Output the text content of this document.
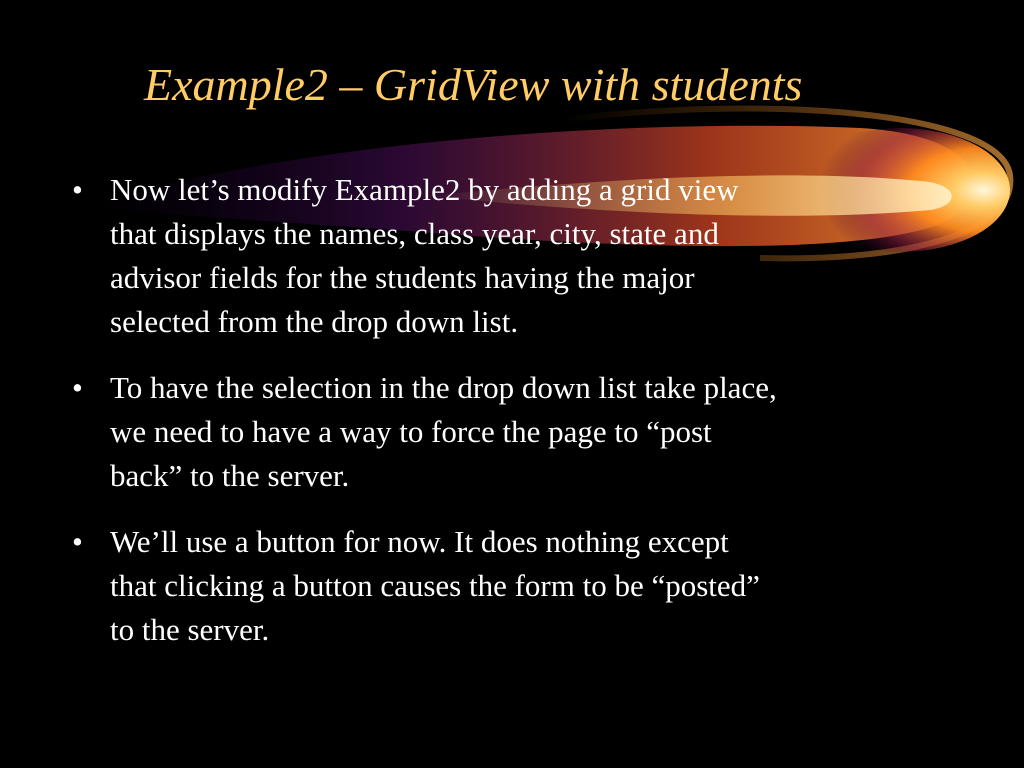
Example2 – GridView with students
• Now let’s modify Example2 by adding a grid view
that displays the names, class year, city, state and
advisor fields for the students having the major
selected from the drop down list.
• To have the selection in the drop down list take place,
we need to have a way to force the page to “post
back” to the server.
• We’ll use a button for now. It does nothing except
that clicking a button causes the form to be “posted”
to the server.
